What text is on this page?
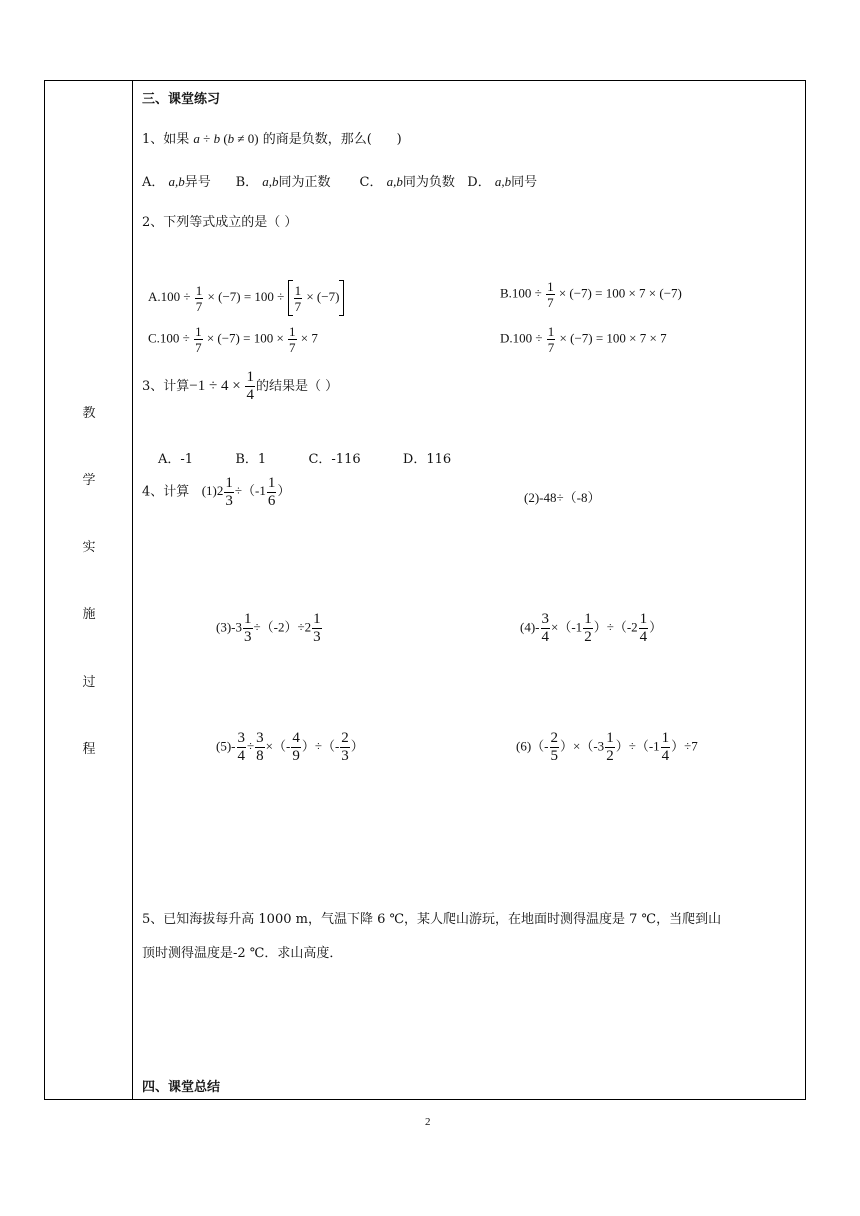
教
学
实
施
过
程
三、课堂练习
1、如果 a ÷ b (b ≠ 0) 的商是负数，那么( )
A． a,b异号 B． a,b同为正数 C． a,b同为负数 D． a,b同号
2、下列等式成立的是（ ）
$A.100 \div \frac{1}{7} \times (-7) = 100 \div \frac{1}{7} \times (-7)$	$B.100 \div \frac{1}{7} \times (-7) = 100 \times 7 \times (-7)$
$C.100 \div \frac{1}{7} \times (-7) = 100 \times \frac{1}{7} \times 7$	$D.100 \div \frac{1}{7} \times (-7) = 100 \times 7 \times 7$
3、计算$-1 \div 4 \times \frac{1}{4}$ 的结果是（ ）
A．-1	B．1	C．-116	D．116
4、计算 $(1)2 \frac{1}{3} \div(-1 \frac{1}{6}$ ）	(2)-48÷（-8）
$(3)-3 \frac{1}{3} \div(-2)\div 2 \frac{1}{3}$	$(4)- \frac{3}{4} \times(-1 \frac{1}{2} )\div(-2 \frac{1}{4}$ ）
$(5)- \frac{3}{4} \div \frac{3}{8}$ ×（- $\frac{4}{9}$ ）÷（- $\frac{2}{3}$ ）	$(6)(- \frac{2}{5} )\times(-3 \frac{1}{2} )\div(-1 \frac{1}{4} )\div 7$
5、已知海拔每升高 1000 m，气温下降 6 ℃，某人爬山游玩，在地面时测得温度是 7 ℃，当爬到山
顶时测得温度是-2 ℃．求山高度．
四、课堂总结
2
